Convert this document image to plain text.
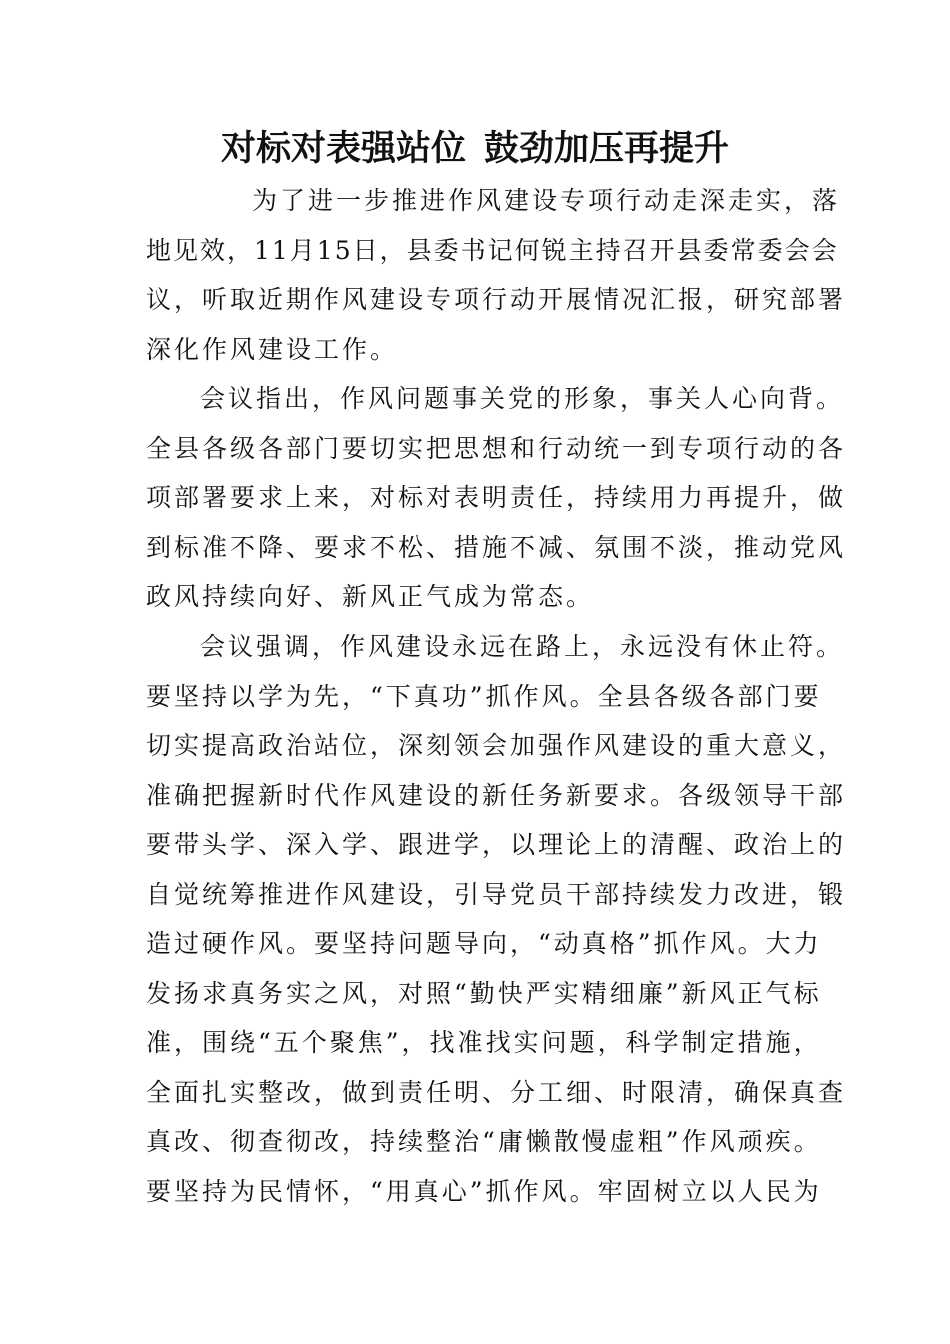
对标对表强站位 鼓劲加压再提升
为了进一步推进作风建设专项行动走深走实，落
地见效，11月15日，县委书记何锐主持召开县委常委会会
议，听取近期作风建设专项行动开展情况汇报，研究部署
深化作风建设工作。
会议指出，作风问题事关党的形象，事关人心向背。
全县各级各部门要切实把思想和行动统一到专项行动的各
项部署要求上来，对标对表明责任，持续用力再提升，做
到标准不降、要求不松、措施不减、氛围不淡，推动党风
政风持续向好、新风正气成为常态。
会议强调，作风建设永远在路上，永远没有休止符。
要坚持以学为先，“下真功”抓作风。全县各级各部门要
切实提高政治站位，深刻领会加强作风建设的重大意义，
准确把握新时代作风建设的新任务新要求。各级领导干部
要带头学、深入学、跟进学，以理论上的清醒、政治上的
自觉统筹推进作风建设，引导党员干部持续发力改进，锻
造过硬作风。要坚持问题导向，“动真格”抓作风。大力
发扬求真务实之风，对照“勤快严实精细廉”新风正气标
准，围绕“五个聚焦”，找准找实问题，科学制定措施，
全面扎实整改，做到责任明、分工细、时限清，确保真查
真改、彻查彻改，持续整治“庸懒散慢虚粗”作风顽疾。
要坚持为民情怀，“用真心”抓作风。牢固树立以人民为
